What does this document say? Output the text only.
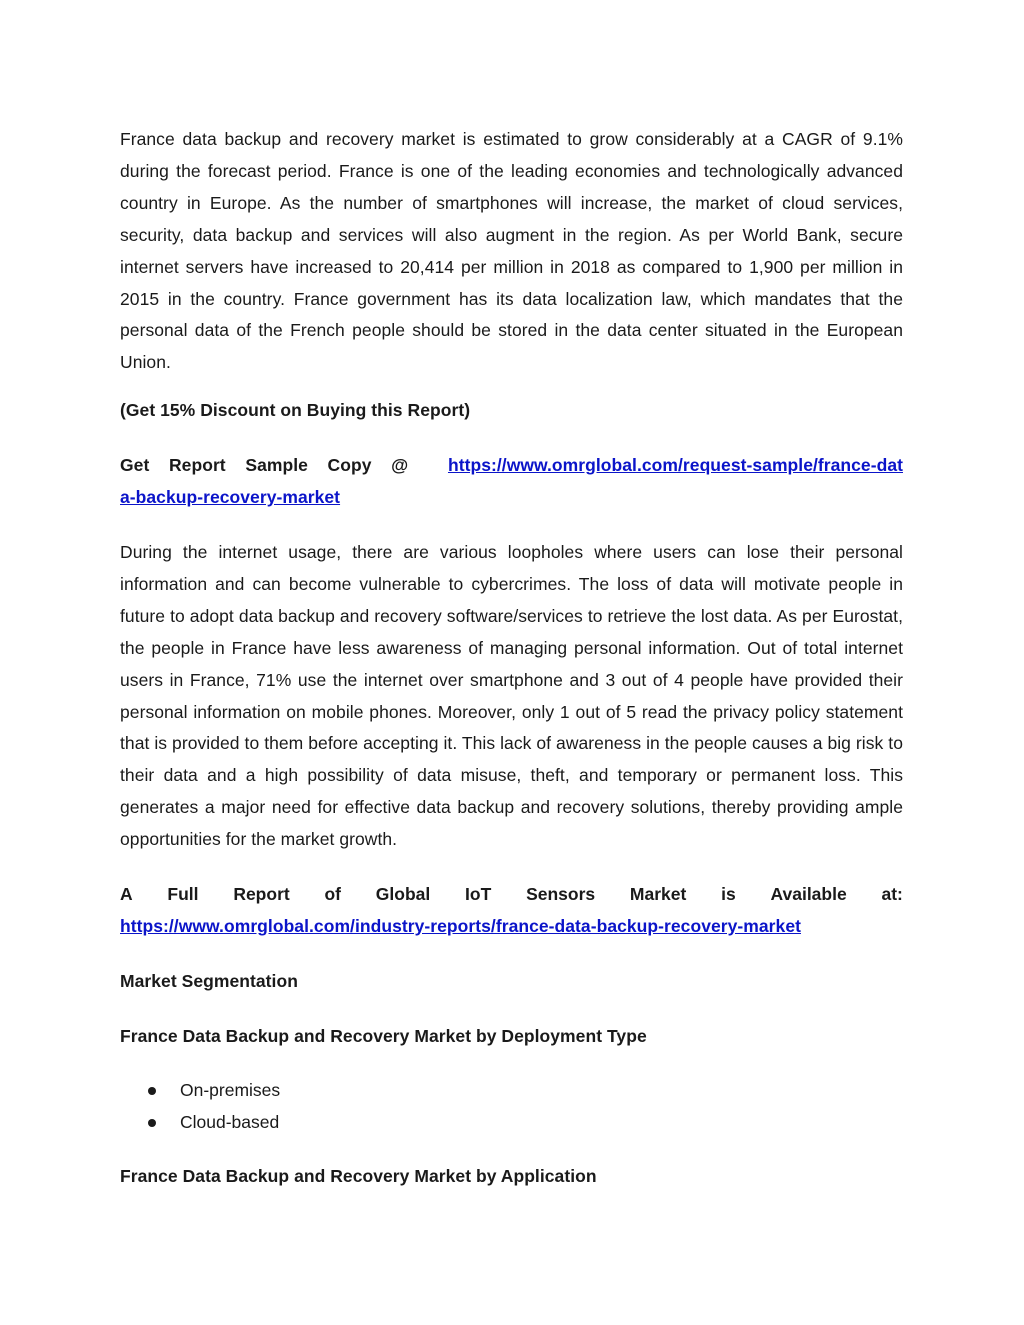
France data backup and recovery market is estimated to grow considerably at a CAGR of 9.1% during the forecast period. France is one of the leading economies and technologically advanced country in Europe. As the number of smartphones will increase, the market of cloud services, security, data backup and services will also augment in the region. As per World Bank, secure internet servers have increased to 20,414 per million in 2018 as compared to 1,900 per million in 2015 in the country. France government has its data localization law, which mandates that the personal data of the French people should be stored in the data center situated in the European Union.

(Get 15% Discount on Buying this Report)

Get Report Sample Copy @ https://www.omrglobal.com/request-sample/france-data-backup-recovery-market

During the internet usage, there are various loopholes where users can lose their personal information and can become vulnerable to cybercrimes. The loss of data will motivate people in future to adopt data backup and recovery software/services to retrieve the lost data. As per Eurostat, the people in France have less awareness of managing personal information. Out of total internet users in France, 71% use the internet over smartphone and 3 out of 4 people have provided their personal information on mobile phones. Moreover, only 1 out of 5 read the privacy policy statement that is provided to them before accepting it. This lack of awareness in the people causes a big risk to their data and a high possibility of data misuse, theft, and temporary or permanent loss. This generates a major need for effective data backup and recovery solutions, thereby providing ample opportunities for the market growth.

A Full Report of Global IoT Sensors Market is Available at:
https://www.omrglobal.com/industry-reports/france-data-backup-recovery-market

Market Segmentation

France Data Backup and Recovery Market by Deployment Type

On-premises
Cloud-based

France Data Backup and Recovery Market by Application
